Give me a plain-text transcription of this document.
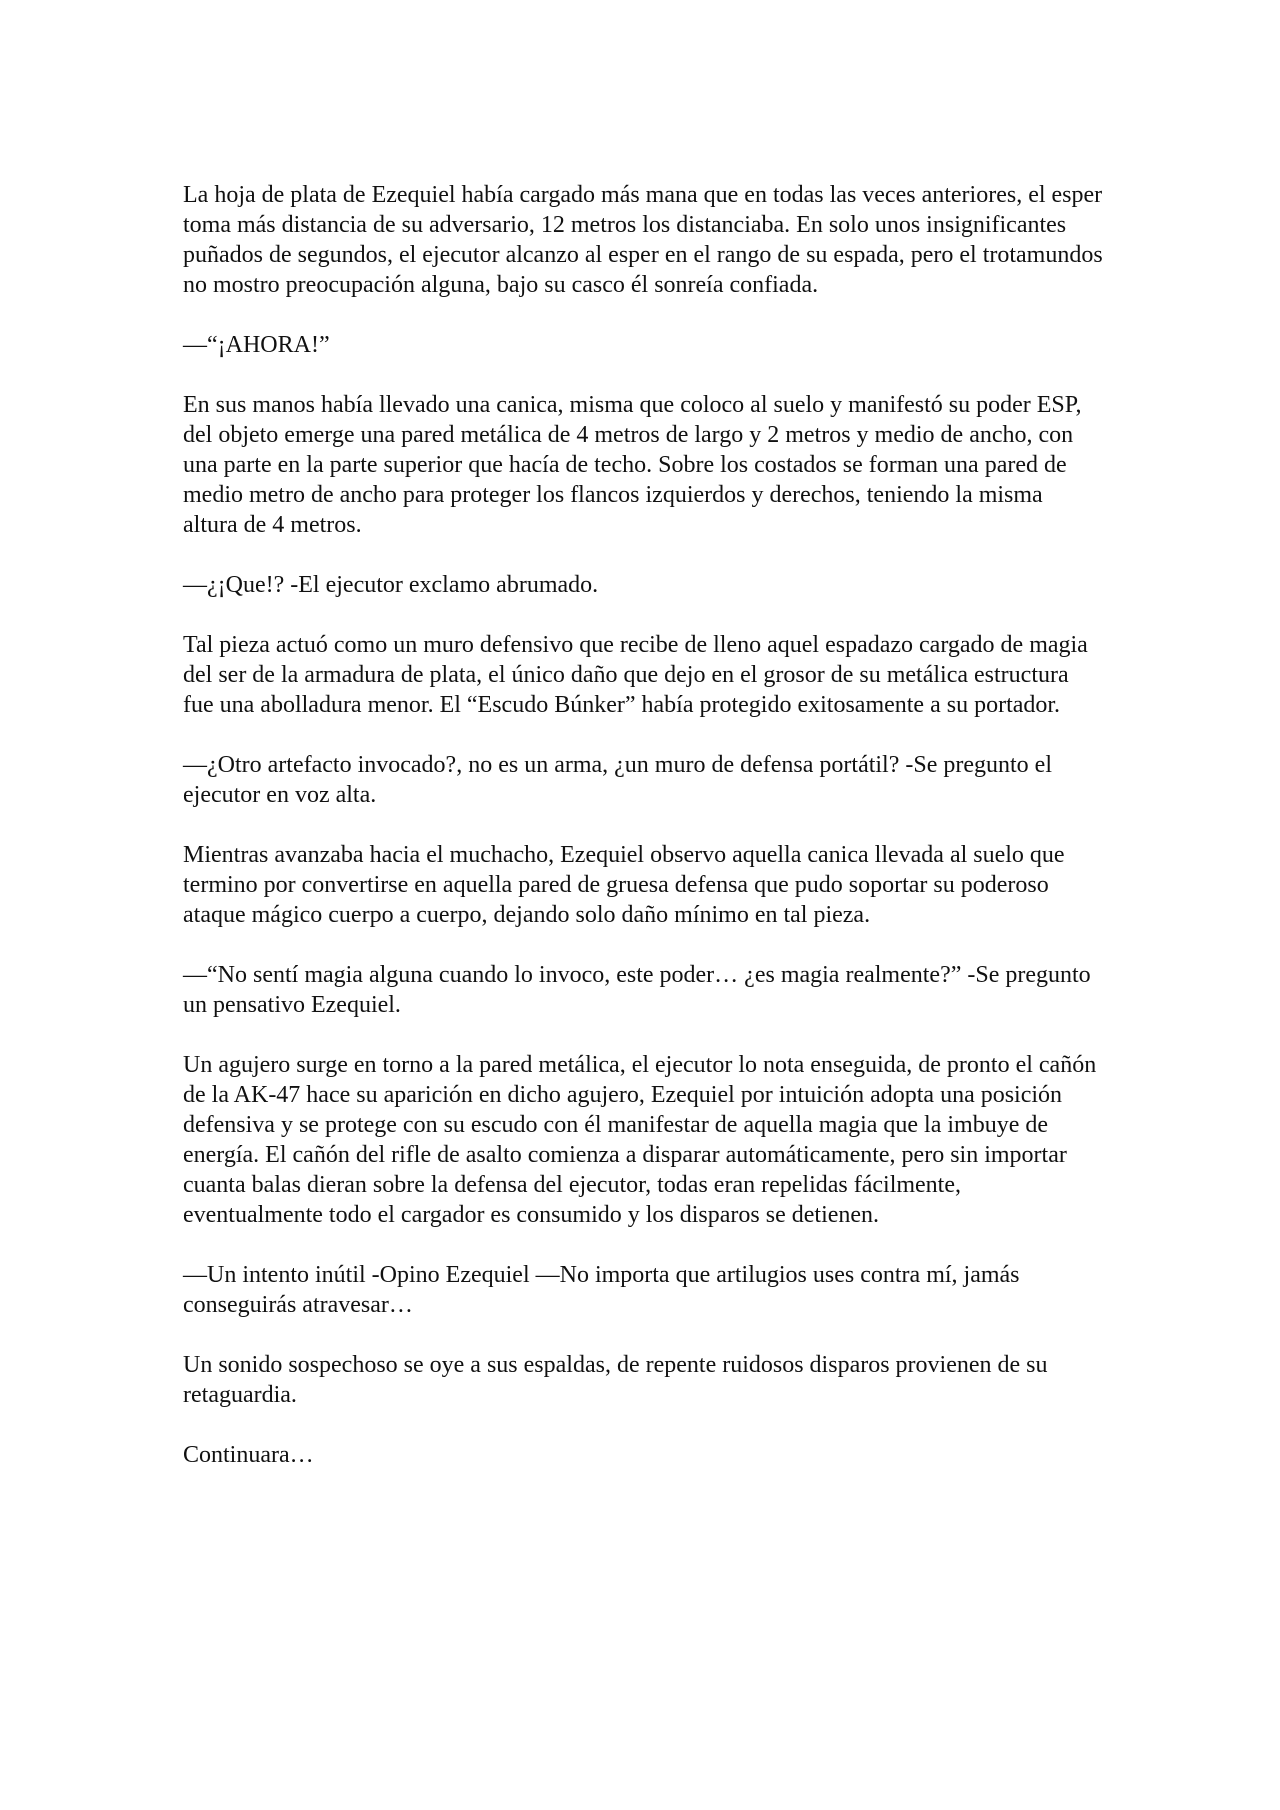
La hoja de plata de Ezequiel había cargado más mana que en todas las veces anteriores, el esper toma más distancia de su adversario, 12 metros los distanciaba. En solo unos insignificantes puñados de segundos, el ejecutor alcanzo al esper en el rango de su espada, pero el trotamundos no mostro preocupación alguna, bajo su casco él sonreía confiada.

—“¡AHORA!”

En sus manos había llevado una canica, misma que coloco al suelo y manifestó su poder ESP, del objeto emerge una pared metálica de 4 metros de largo y 2 metros y medio de ancho, con una parte en la parte superior que hacía de techo. Sobre los costados se forman una pared de medio metro de ancho para proteger los flancos izquierdos y derechos, teniendo la misma altura de 4 metros.

—¿¡Que!? -El ejecutor exclamo abrumado.

Tal pieza actuó como un muro defensivo que recibe de lleno aquel espadazo cargado de magia del ser de la armadura de plata, el único daño que dejo en el grosor de su metálica estructura fue una abolladura menor. El “Escudo Búnker” había protegido exitosamente a su portador.

—¿Otro artefacto invocado?, no es un arma, ¿un muro de defensa portátil? -Se pregunto el ejecutor en voz alta.

Mientras avanzaba hacia el muchacho, Ezequiel observo aquella canica llevada al suelo que termino por convertirse en aquella pared de gruesa defensa que pudo soportar su poderoso ataque mágico cuerpo a cuerpo, dejando solo daño mínimo en tal pieza.

—“No sentí magia alguna cuando lo invoco, este poder… ¿es magia realmente?” -Se pregunto un pensativo Ezequiel.

Un agujero surge en torno a la pared metálica, el ejecutor lo nota enseguida, de pronto el cañón de la AK-47 hace su aparición en dicho agujero, Ezequiel por intuición adopta una posición defensiva y se protege con su escudo con él manifestar de aquella magia que la imbuye de energía. El cañón del rifle de asalto comienza a disparar automáticamente, pero sin importar cuanta balas dieran sobre la defensa del ejecutor, todas eran repelidas fácilmente, eventualmente todo el cargador es consumido y los disparos se detienen.

—Un intento inútil -Opino Ezequiel —No importa que artilugios uses contra mí, jamás conseguirás atravesar…

Un sonido sospechoso se oye a sus espaldas, de repente ruidosos disparos provienen de su retaguardia.

Continuara…
